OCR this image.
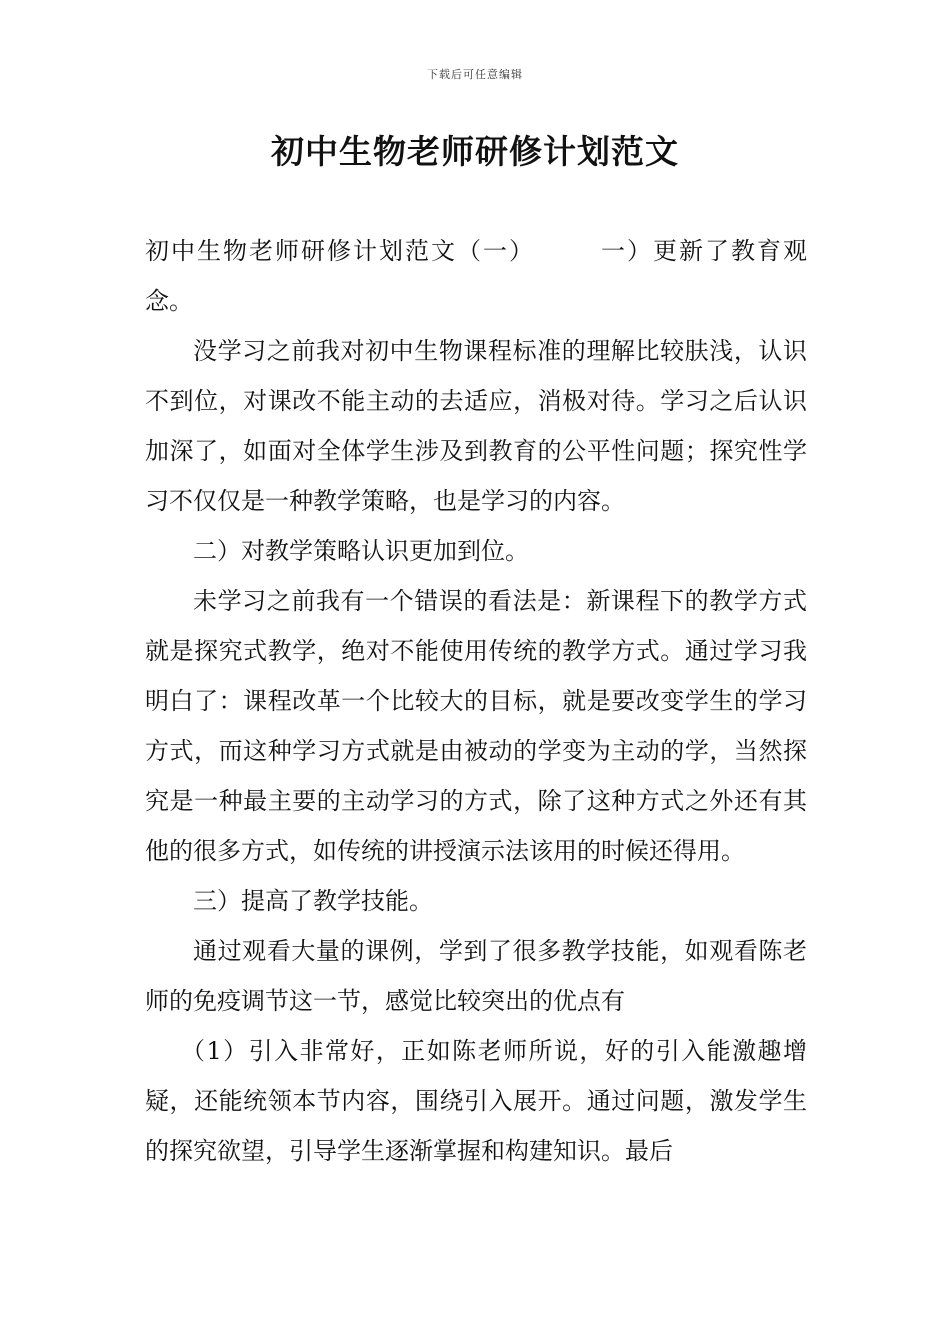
下载后可任意编辑
初中生物老师研修计划范文

初中生物老师研修计划范文（一）	一）更新了教育观念。

没学习之前我对初中生物课程标准的理解比较肤浅，认识不到位，对课改不能主动的去适应，消极对待。学习之后认识加深了，如面对全体学生涉及到教育的公平性问题；探究性学习不仅仅是一种教学策略，也是学习的内容。

二）对教学策略认识更加到位。

未学习之前我有一个错误的看法是：新课程下的教学方式就是探究式教学，绝对不能使用传统的教学方式。通过学习我明白了：课程改革一个比较大的目标，就是要改变学生的学习方式，而这种学习方式就是由被动的学变为主动的学，当然探究是一种最主要的主动学习的方式，除了这种方式之外还有其他的很多方式，如传统的讲授演示法该用的时候还得用。

三）提高了教学技能。

通过观看大量的课例，学到了很多教学技能，如观看陈老师的免疫调节这一节，感觉比较突出的优点有

（1）引入非常好，正如陈老师所说，好的引入能激趣增疑，还能统领本节内容，围绕引入展开。通过问题，激发学生的探究欲望，引导学生逐渐掌握和构建知识。最后
